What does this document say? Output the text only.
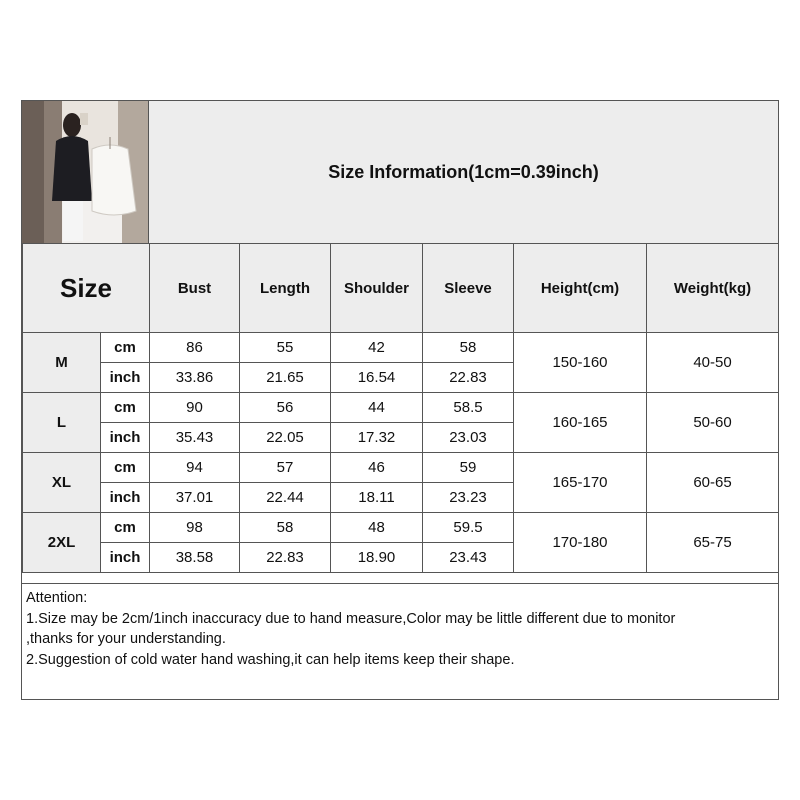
Size Information(1cm=0.39inch)
Size		Bust	Length	Shoulder	Sleeve	Height(cm)	Weight(kg)
M	cm	86	55	42	58	150-160	40-50
	inch	33.86	21.65	16.54	22.83		
L	cm	90	56	44	58.5	160-165	50-60
	inch	35.43	22.05	17.32	23.03		
XL	cm	94	57	46	59	165-170	60-65
	inch	37.01	22.44	18.11	23.23		
2XL	cm	98	58	48	59.5	170-180	65-75
	inch	38.58	22.83	18.90	23.43		
Attention:
1.Size may be 2cm/1inch inaccuracy due to hand measure,Color may be little different due to monitor
,thanks for your understanding.
2.Suggestion of cold water hand washing,it can help items keep their shape.
